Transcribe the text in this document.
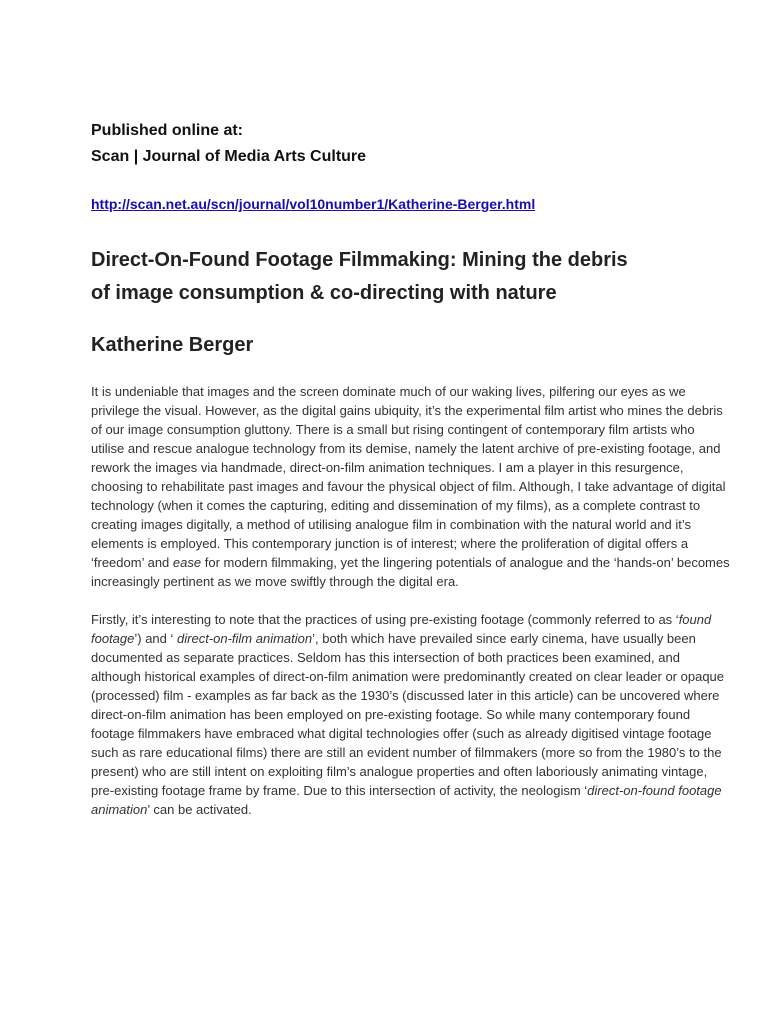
Published online at:

Scan | Journal of Media Arts Culture

http://scan.net.au/scn/journal/vol10number1/Katherine-Berger.html
Direct-On-Found Footage Filmmaking: Mining the debris of image consumption & co-directing with nature
Katherine Berger

It is undeniable that images and the screen dominate much of our waking lives, pilfering our eyes as we privilege the visual. However, as the digital gains ubiquity, it’s the experimental film artist who mines the debris of our image consumption gluttony. There is a small but rising contingent of contemporary film artists who utilise and rescue analogue technology from its demise, namely the latent archive of pre-existing footage, and rework the images via handmade, direct-on-film animation techniques. I am a player in this resurgence, choosing to rehabilitate past images and favour the physical object of film. Although, I take advantage of digital technology (when it comes the capturing, editing and dissemination of my films), as a complete contrast to creating images digitally, a method of utilising analogue film in combination with the natural world and it’s elements is employed. This contemporary junction is of interest; where the proliferation of digital offers a ‘freedom’ and ease for modern filmmaking, yet the lingering potentials of analogue and the ‘hands-on’ becomes increasingly pertinent as we move swiftly through the digital era.

Firstly, it’s interesting to note that the practices of using pre-existing footage (commonly referred to as ‘found footage’) and ‘ direct-on-film animation’, both which have prevailed since early cinema, have usually been documented as separate practices. Seldom has this intersection of both practices been examined, and although historical examples of direct-on-film animation were predominantly created on clear leader or opaque (processed) film - examples as far back as the 1930’s (discussed later in this article) can be uncovered where direct-on-film animation has been employed on pre-existing footage. So while many contemporary found footage filmmakers have embraced what digital technologies offer (such as already digitised vintage footage such as rare educational films) there are still an evident number of filmmakers (more so from the 1980’s to the present) who are still intent on exploiting film’s analogue properties and often laboriously animating vintage, pre-existing footage frame by frame. Due to this intersection of activity, the neologism ‘direct-on-found footage animation’ can be activated.
